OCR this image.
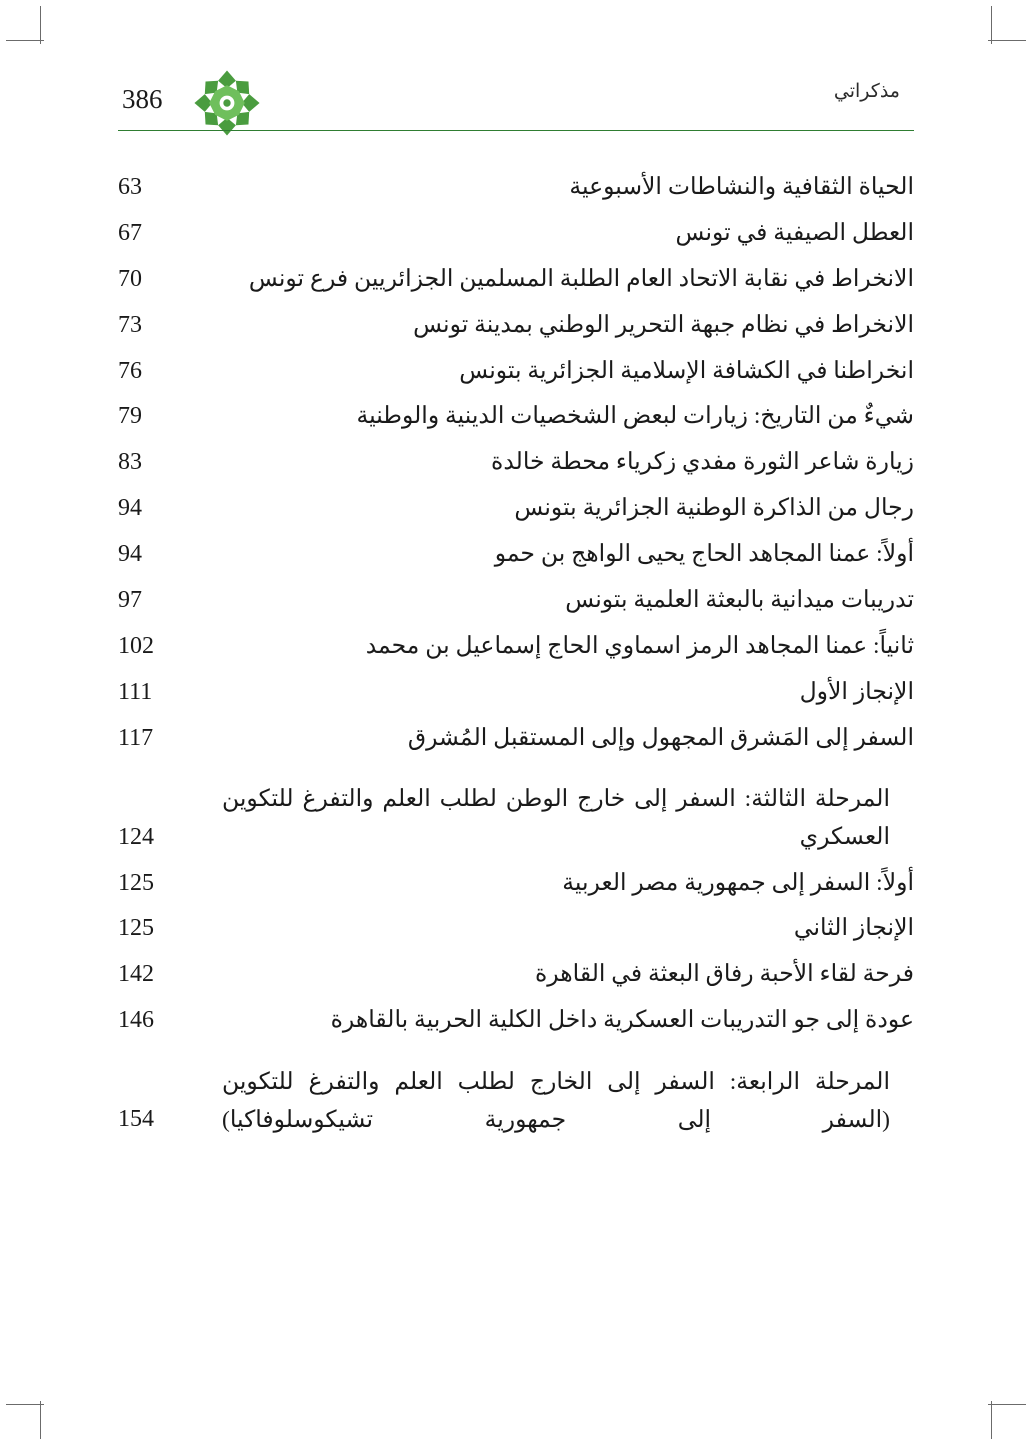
مذكراتي
386
الحياة الثقافية والنشاطات الأسبوعية
63
العطل الصيفية في تونس
67
الانخراط في نقابة الاتحاد العام الطلبة المسلمين الجزائريين فرع تونس
70
الانخراط في نظام جبهة التحرير الوطني بمدينة تونس
73
انخراطنا في الكشافة الإسلامية الجزائرية بتونس
76
شيءٌ من التاريخ: زيارات لبعض الشخصيات الدينية والوطنية
79
زيارة شاعر الثورة مفدي زكرياء محطة خالدة
83
رجال من الذاكرة الوطنية الجزائرية بتونس
94
أولاً: عمنا المجاهد الحاج يحيى الواهج بن حمو
94
تدريبات ميدانية بالبعثة العلمية بتونس
97
ثانياً: عمنا المجاهد الرمز اسماوي الحاج إسماعيل بن محمد
102
الإنجاز الأول
111
السفر إلى المَشرق المجهول وإلى المستقبل المُشرق
117
المرحلة الثالثة: السفر إلى خارج الوطن لطلب العلم والتفرغ للتكوين العسكري
124
أولاً: السفر إلى جمهورية مصر العربية
125
الإنجاز الثاني
125
فرحة لقاء الأحبة رفاق البعثة في القاهرة
142
عودة إلى جو التدريبات العسكرية داخل الكلية الحربية بالقاهرة
146
المرحلة الرابعة: السفر إلى الخارج لطلب العلم والتفرغ للتكوين (السفر إلى جمهورية تشيكوسلوفاكيا)
154
